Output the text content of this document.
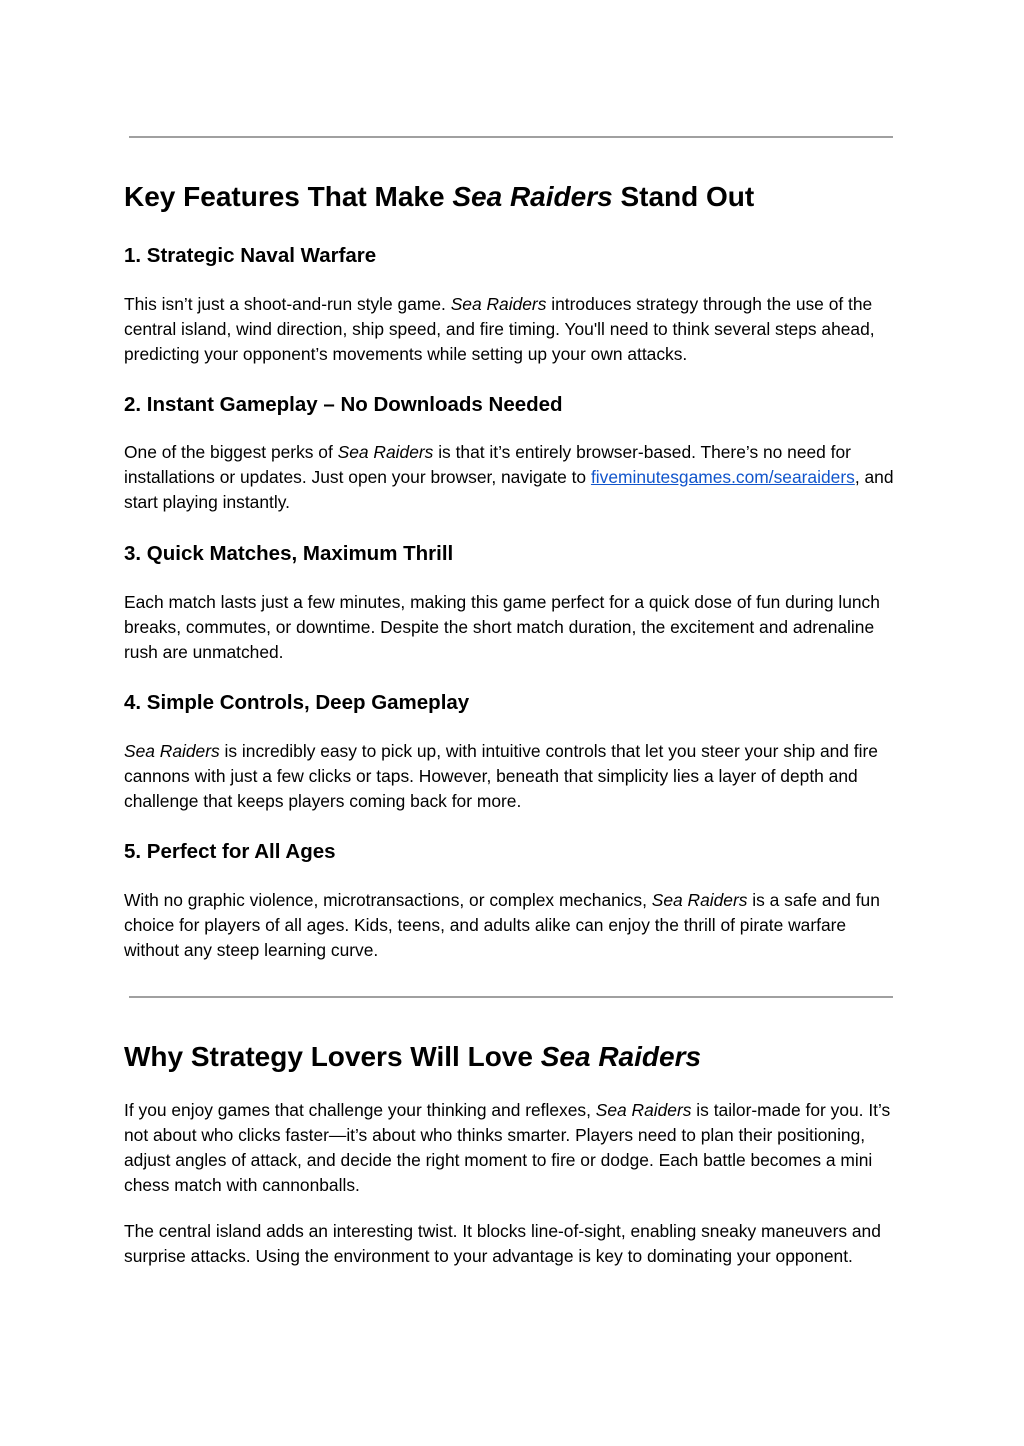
Key Features That Make Sea Raiders Stand Out
1. Strategic Naval Warfare

This isn’t just a shoot-and-run style game. Sea Raiders introduces strategy through the use of the central island, wind direction, ship speed, and fire timing. You'll need to think several steps ahead, predicting your opponent’s movements while setting up your own attacks.

2. Instant Gameplay – No Downloads Needed

One of the biggest perks of Sea Raiders is that it’s entirely browser-based. There’s no need for installations or updates. Just open your browser, navigate to fiveminutesgames.com/searaiders, and start playing instantly.

3. Quick Matches, Maximum Thrill

Each match lasts just a few minutes, making this game perfect for a quick dose of fun during lunch breaks, commutes, or downtime. Despite the short match duration, the excitement and adrenaline rush are unmatched.

4. Simple Controls, Deep Gameplay

Sea Raiders is incredibly easy to pick up, with intuitive controls that let you steer your ship and fire cannons with just a few clicks or taps. However, beneath that simplicity lies a layer of depth and challenge that keeps players coming back for more.

5. Perfect for All Ages

With no graphic violence, microtransactions, or complex mechanics, Sea Raiders is a safe and fun choice for players of all ages. Kids, teens, and adults alike can enjoy the thrill of pirate warfare without any steep learning curve.

Why Strategy Lovers Will Love Sea Raiders

If you enjoy games that challenge your thinking and reflexes, Sea Raiders is tailor-made for you. It’s not about who clicks faster—it’s about who thinks smarter. Players need to plan their positioning, adjust angles of attack, and decide the right moment to fire or dodge. Each battle becomes a mini chess match with cannonballs.

The central island adds an interesting twist. It blocks line-of-sight, enabling sneaky maneuvers and surprise attacks. Using the environment to your advantage is key to dominating your opponent.
